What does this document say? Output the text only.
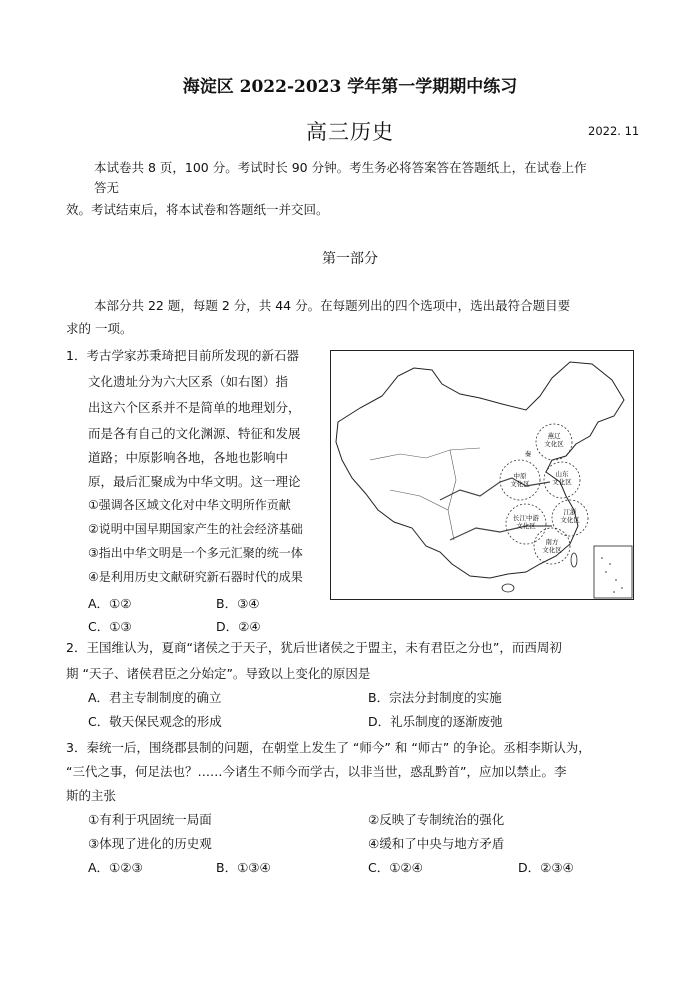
海淀区 2022-2023 学年第一学期期中练习
高三历史	2022. 11
本试卷共 8 页，100 分。考试时长 90 分钟。考生务必将答案答在答题纸上，在试卷上作
答无
效。考试结束后，将本试卷和答题纸一并交回。
第一部分
本部分共 22 题，每题 2 分，共 44 分。在每题列出的四个选项中，选出最符合题目要
求的 一项。
1．考古学家苏秉琦把目前所发现的新石器
文化遗址分为六大区系（如右图）指
出这六个区系并不是简单的地理划分，
而是各有自己的文化渊源、特征和发展
道路；中原影响各地，各地也影响中
原，最后汇聚成为中华文明。这一理论
①强调各区域文化对中华文明所作贡献
②说明中国早期国家产生的社会经济基础
③指出中华文明是一个多元汇聚的统一体
④是利用历史文献研究新石器时代的成果
A．①②	B．③④
C．①③	D．②④
燕辽文化区
中原文化区
山东文化区
长江中游文化区
江浙文化区
南方文化区
秦
2．王国维认为，夏商“诸侯之于天子，犹后世诸侯之于盟主，未有君臣之分也”，而西周初
期 “天子、诸侯君臣之分始定”。导致以上变化的原因是
A．君主专制制度的确立	B．宗法分封制度的实施
C．敬天保民观念的形成	D．礼乐制度的逐渐废弛
3．秦统一后，围绕郡县制的问题，在朝堂上发生了 “师今” 和 “师古” 的争论。丞相李斯认为，
“三代之事，何足法也？……今诸生不师今而学古，以非当世，惑乱黔首”，应加以禁止。李
斯的主张
①有利于巩固统一局面	②反映了专制统治的强化
③体现了进化的历史观	④缓和了中央与地方矛盾
A．①②③	B．①③④	C．①②④	D．②③④
